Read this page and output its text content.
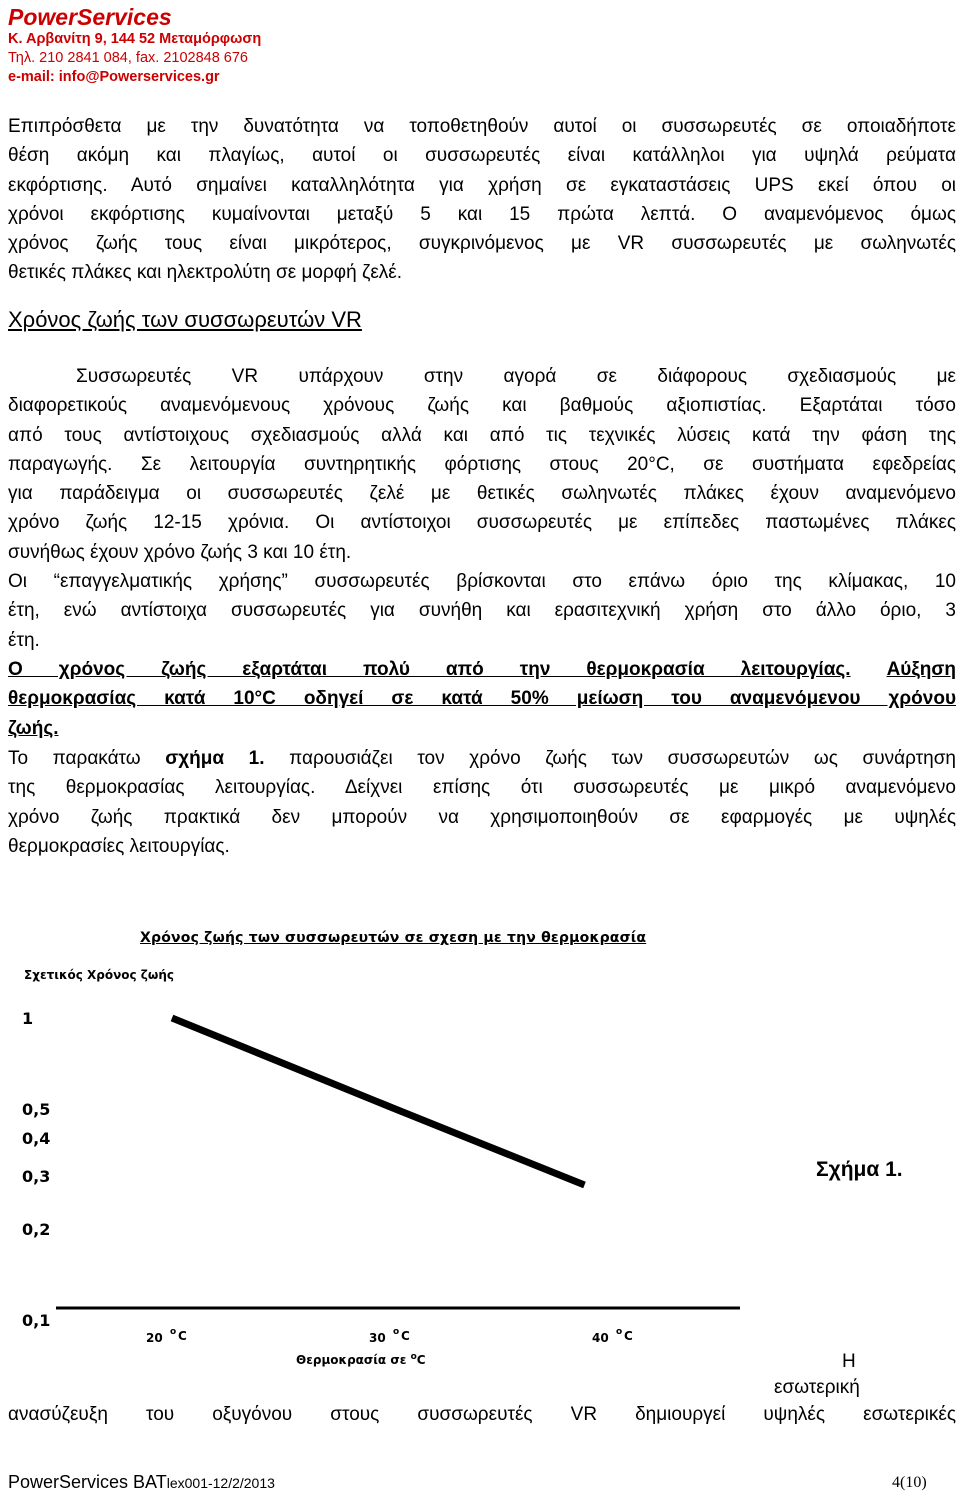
PowerServices
Κ. Αρβανίτη 9, 144 52 Μεταμόρφωση
Τηλ. 210 2841 084, fax. 2102848 676
e-mail: info@Powerservices.gr
Επιπρόσθετα με την δυνατότητα να τοποθετηθούν αυτοί οι συσσωρευτές σε οποιαδήποτε
θέση ακόμη και πλαγίως, αυτοί οι συσσωρευτές είναι κατάλληλοι για υψηλά ρεύματα
εκφόρτισης. Αυτό σημαίνει καταλληλότητα για χρήση σε εγκαταστάσεις UPS εκεί όπου οι
χρόνοι εκφόρτισης κυμαίνονται μεταξύ 5 και 15 πρώτα λεπτά. Ο αναμενόμενος όμως
χρόνος ζωής τους είναι μικρότερος, συγκρινόμενος με VR συσσωρευτές με σωληνωτές
θετικές πλάκες και ηλεκτρολύτη σε μορφή ζελέ.
Χρόνος ζωής των συσσωρευτών VR
Συσσωρευτές VR υπάρχουν στην αγορά σε διάφορους σχεδιασμούς με
διαφορετικούς αναμενόμενους χρόνους ζωής και βαθμούς αξιοπιστίας. Εξαρτάται τόσο
από τους αντίστοιχους σχεδιασμούς αλλά και από τις τεχνικές λύσεις κατά την φάση της
παραγωγής. Σε λειτουργία συντηρητικής φόρτισης στους 20°C, σε συστήματα εφεδρείας
για παράδειγμα οι συσσωρευτές ζελέ με θετικές σωληνωτές πλάκες έχουν αναμενόμενο
χρόνο ζωής 12-15 χρόνια. Οι αντίστοιχοι συσσωρευτές με επίπεδες παστωμένες πλάκες
συνήθως έχουν χρόνο ζωής 3 και 10 έτη.
Οι “επαγγελματικής χρήσης” συσσωρευτές βρίσκονται στο επάνω όριο της κλίμακας, 10
έτη, ενώ αντίστοιχα συσσωρευτές για συνήθη και ερασιτεχνική χρήση στο άλλο όριο, 3
έτη.
Ο χρόνος ζωής εξαρτάται πολύ από την θερμοκρασία λειτουργίας. Αύξηση
θερμοκρασίας κατά 10°C οδηγεί σε κατά 50% μείωση του αναμενόμενου χρόνου
ζωής.
Το παρακάτω σχήμα 1. παρουσιάζει τον χρόνο ζωής των συσσωρευτών ως συνάρτηση
της θερμοκρασίας λειτουργίας. Δείχνει επίσης ότι συσσωρευτές με μικρό αναμενόμενο
χρόνο ζωής πρακτικά δεν μπορούν να χρησιμοποιηθούν σε εφαρμογές με υψηλές
θερμοκρασίες λειτουργίας.
1
0,5
0,4
0,3
0,2
0,1
20 o C	30 o C	40 o C
Χρόνος ζωής των συσσωρευτών σε σχεση με την θερμοκρασία
Σχετικός Χρόνος ζωής
Θερμοκρασία σε $^o$C
Σχήμα 1.
Η
εσωτερική
ανασύζευξη του οξυγόνου στους συσσωρευτές VR δημιουργεί υψηλές εσωτερικές
PowerServices BATlex001-12/2/2013	4(10)
